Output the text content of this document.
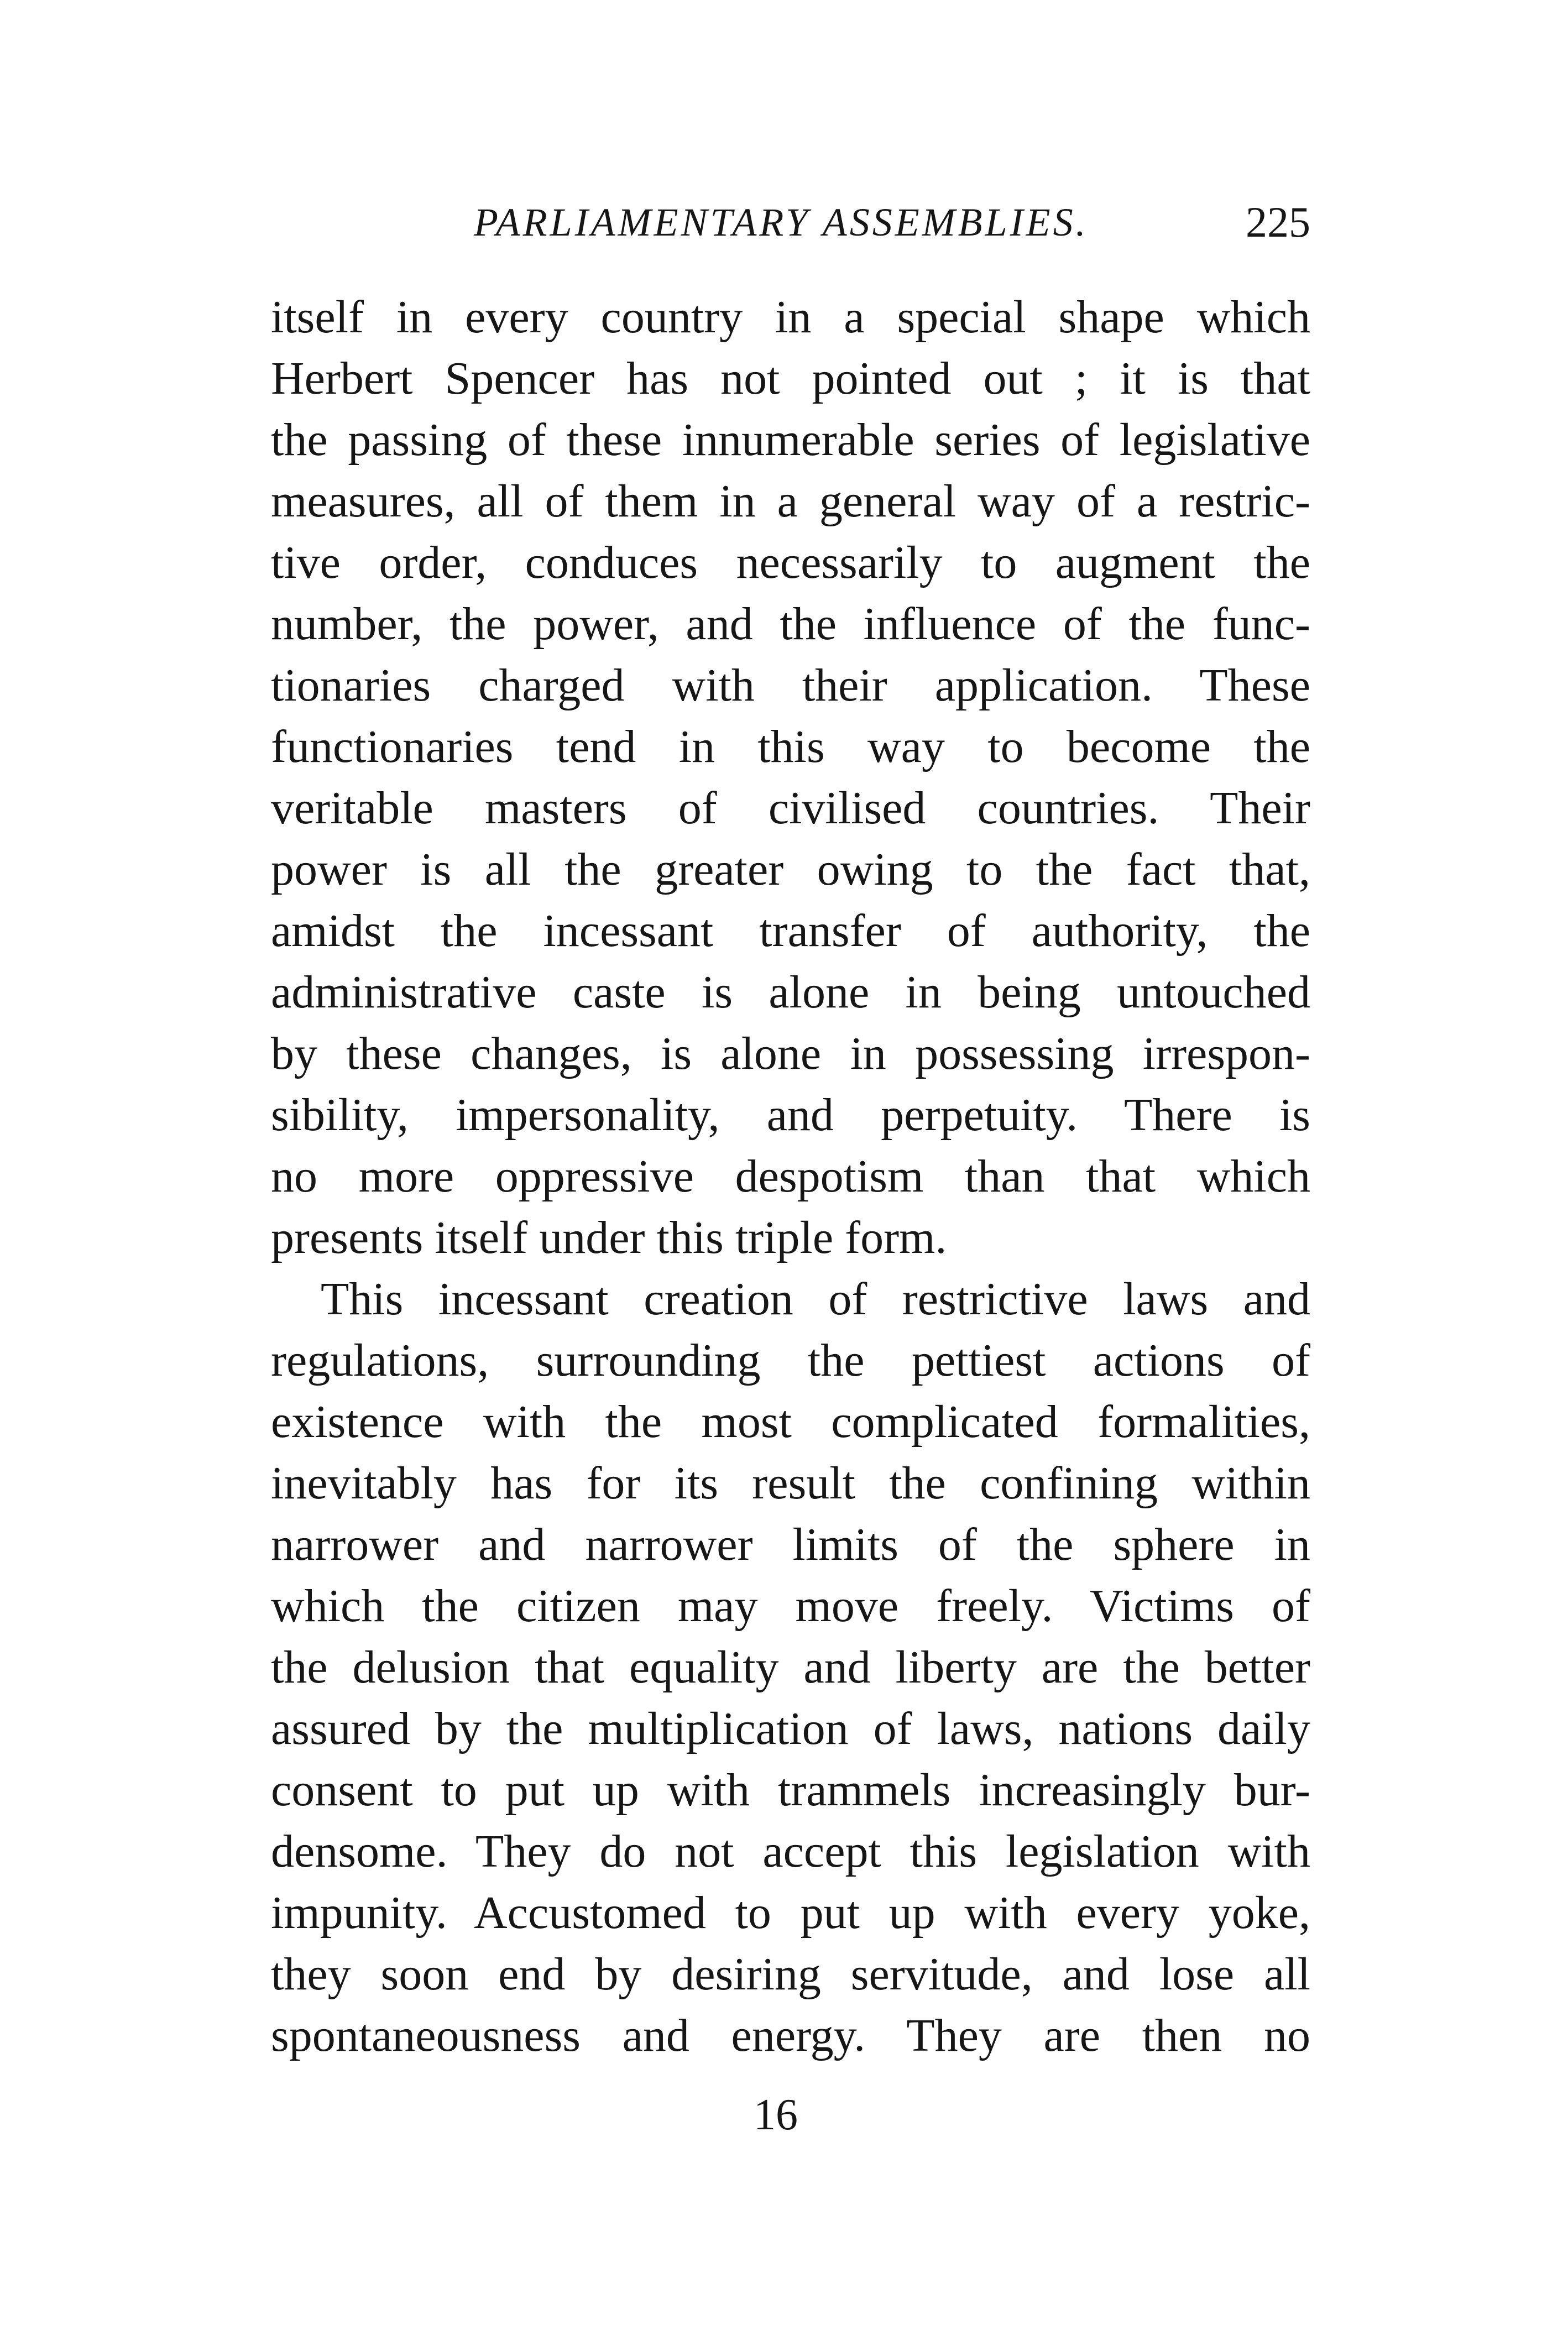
PARLIAMENTARY ASSEMBLIES.	225
itself in every country in a special shape which
Herbert Spencer has not pointed out ; it is that
the passing of these innumerable series of legislative
measures, all of them in a general way of a restric-
tive order, conduces necessarily to augment the
number, the power, and the influence of the func-
tionaries charged with their application. These
functionaries tend in this way to become the
veritable masters of civilised countries. Their
power is all the greater owing to the fact that,
amidst the incessant transfer of authority, the
administrative caste is alone in being untouched
by these changes, is alone in possessing irrespon-
sibility, impersonality, and perpetuity. There is
no more oppressive despotism than that which
presents itself under this triple form.
This incessant creation of restrictive laws and
regulations, surrounding the pettiest actions of
existence with the most complicated formalities,
inevitably has for its result the confining within
narrower and narrower limits of the sphere in
which the citizen may move freely. Victims of
the delusion that equality and liberty are the better
assured by the multiplication of laws, nations daily
consent to put up with trammels increasingly bur-
densome. They do not accept this legislation with
impunity. Accustomed to put up with every yoke,
they soon end by desiring servitude, and lose all
spontaneousness and energy. They are then no
16
